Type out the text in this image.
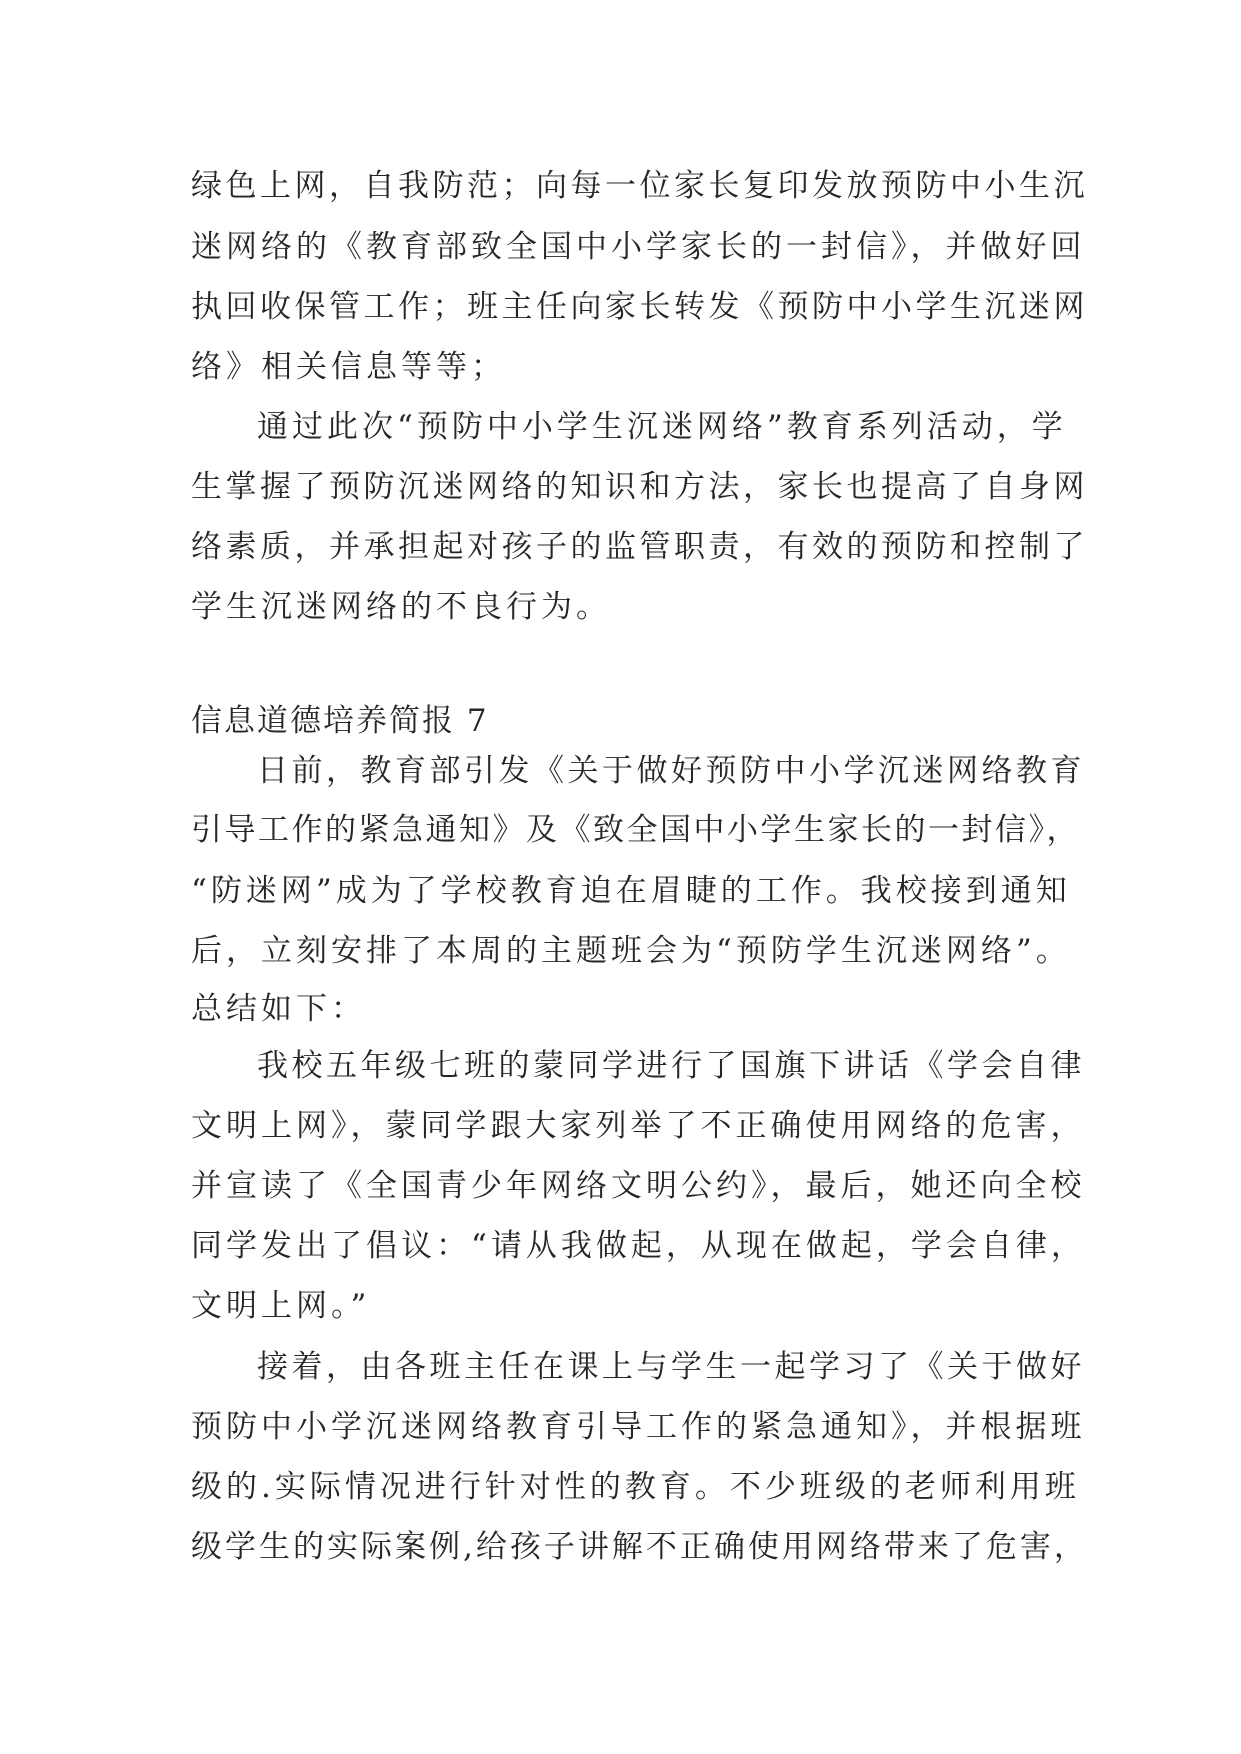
绿色上网，自我防范；向每一位家长复印发放预防中小生沉

迷网络的《教育部致全国中小学家长的一封信》，并做好回

执回收保管工作；班主任向家长转发《预防中小学生沉迷网

络》相关信息等等；

通过此次“预防中小学生沉迷网络”教育系列活动，学

生掌握了预防沉迷网络的知识和方法，家长也提高了自身网

络素质，并承担起对孩子的监管职责，有效的预防和控制了

学生沉迷网络的不良行为。

信息道德培养简报 7

日前，教育部引发《关于做好预防中小学沉迷网络教育

引导工作的紧急通知》及《致全国中小学生家长的一封信》，

“防迷网”成为了学校教育迫在眉睫的工作。我校接到通知

后，立刻安排了本周的主题班会为“预防学生沉迷网络”。

总结如下：

我校五年级七班的蒙同学进行了国旗下讲话《学会自律

文明上网》，蒙同学跟大家列举了不正确使用网络的危害，

并宣读了《全国青少年网络文明公约》，最后，她还向全校

同学发出了倡议：“请从我做起，从现在做起，学会自律，

文明上网。”

接着，由各班主任在课上与学生一起学习了《关于做好

预防中小学沉迷网络教育引导工作的紧急通知》，并根据班

级的.实际情况进行针对性的教育。不少班级的老师利用班

级学生的实际案例,给孩子讲解不正确使用网络带来了危害，
